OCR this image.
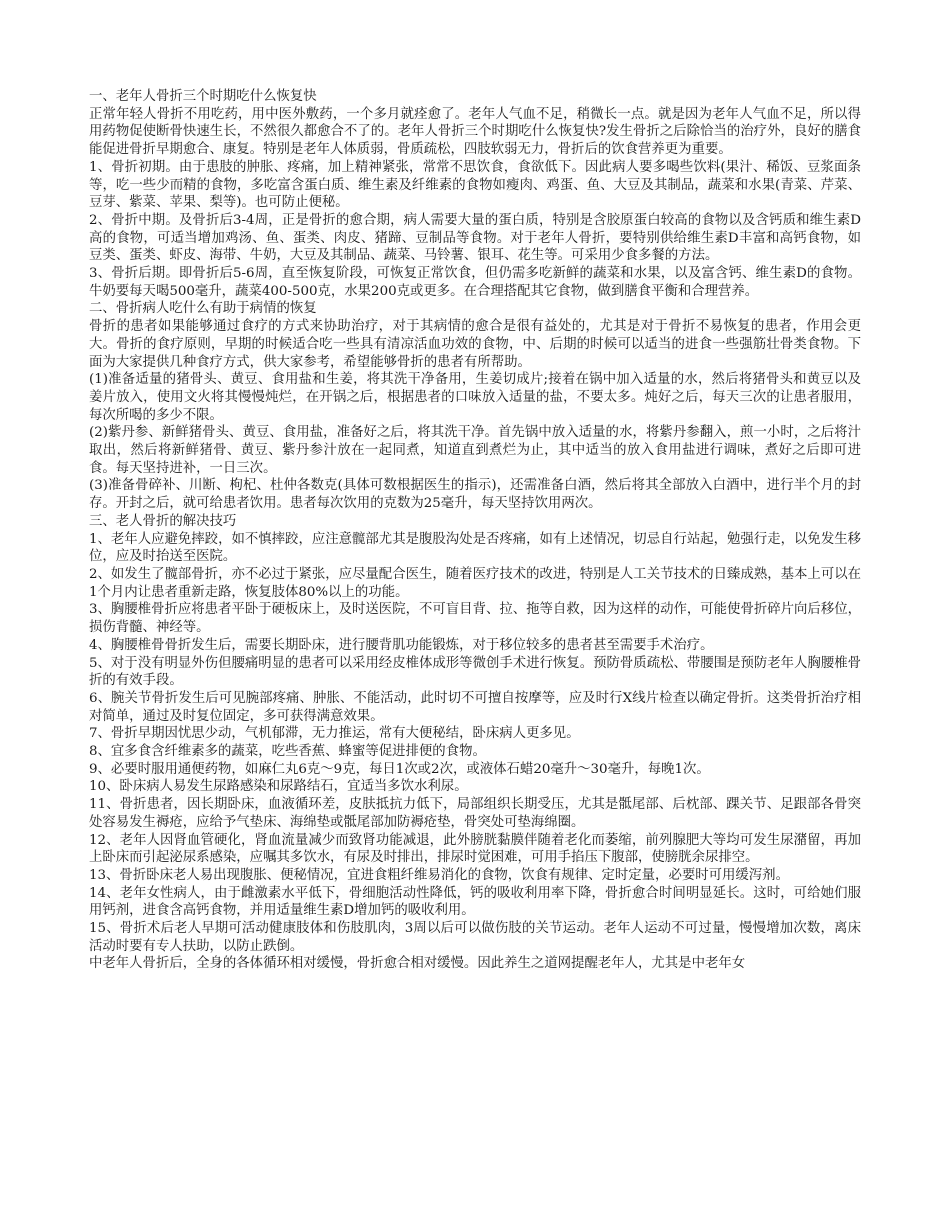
一、老年人骨折三个时期吃什么恢复快

正常年轻人骨折不用吃药，用中医外敷药，一个多月就痊愈了。老年人气血不足，稍微长一点。就是因为老年人气血不足，所以得用药物促使断骨快速生长，不然很久都愈合不了的。老年人骨折三个时期吃什么恢复快?发生骨折之后除恰当的治疗外，良好的膳食能促进骨折早期愈合、康复。特别是老年人体质弱，骨质疏松，四肢软弱无力，骨折后的饮食营养更为重要。

1、骨折初期。由于患肢的肿胀、疼痛，加上精神紧张，常常不思饮食，食欲低下。因此病人要多喝些饮料(果汁、稀饭、豆浆面条等，吃一些少而精的食物，多吃富含蛋白质、维生素及纤维素的食物如瘦肉、鸡蛋、鱼、大豆及其制品，蔬菜和水果(青菜、芹菜、豆芽、紫菜、苹果、梨等)。也可防止便秘。

2、骨折中期。及骨折后3-4周，正是骨折的愈合期，病人需要大量的蛋白质，特别是含胶原蛋白较高的食物以及含钙质和维生素D高的食物，可适当增加鸡汤、鱼、蛋类、肉皮、猪蹄、豆制品等食物。对于老年人骨折，要特别供给维生素D丰富和高钙食物，如豆类、蛋类、虾皮、海带、牛奶，大豆及其制品、蔬菜、马铃薯、银耳、花生等。可采用少食多餐的方法。

3、骨折后期。即骨折后5-6周，直至恢复阶段，可恢复正常饮食，但仍需多吃新鲜的蔬菜和水果，以及富含钙、维生素D的食物。牛奶要每天喝500毫升，蔬菜400-500克，水果200克或更多。在合理搭配其它食物，做到膳食平衡和合理营养。

二、骨折病人吃什么有助于病情的恢复

骨折的患者如果能够通过食疗的方式来协助治疗，对于其病情的愈合是很有益处的，尤其是对于骨折不易恢复的患者，作用会更大。骨折的食疗原则，早期的时候适合吃一些具有清凉活血功效的食物，中、后期的时候可以适当的进食一些强筋壮骨类食物。下面为大家提供几种食疗方式，供大家参考，希望能够骨折的患者有所帮助。

(1)准备适量的猪骨头、黄豆、食用盐和生姜，将其洗干净备用，生姜切成片;接着在锅中加入适量的水，然后将猪骨头和黄豆以及姜片放入，使用文火将其慢慢炖烂，在开锅之后，根据患者的口味放入适量的盐，不要太多。炖好之后，每天三次的让患者服用，每次所喝的多少不限。

(2)紫丹参、新鲜猪骨头、黄豆、食用盐，准备好之后，将其洗干净。首先锅中放入适量的水，将紫丹参翻入，煎一小时，之后将汁取出，然后将新鲜猪骨、黄豆、紫丹参汁放在一起同煮，知道直到煮烂为止，其中适当的放入食用盐进行调味，煮好之后即可进食。每天坚持进补，一日三次。

(3)准备骨碎补、川断、枸杞、杜仲各数克(具体可数根据医生的指示)，还需准备白酒，然后将其全部放入白酒中，进行半个月的封存。开封之后，就可给患者饮用。患者每次饮用的克数为25毫升，每天坚持饮用两次。

三、老人骨折的解决技巧

1、老年人应避免摔跤，如不慎摔跤，应注意髋部尤其是腹股沟处是否疼痛，如有上述情况，切忌自行站起，勉强行走，以免发生移位，应及时抬送至医院。

2、如发生了髋部骨折，亦不必过于紧张，应尽量配合医生，随着医疗技术的改进，特别是人工关节技术的日臻成熟，基本上可以在1个月内让患者重新走路，恢复肢体80%以上的功能。

3、胸腰椎骨折应将患者平卧于硬板床上，及时送医院，不可盲目背、拉、拖等自救，因为这样的动作，可能使骨折碎片向后移位，损伤背髓、神经等。

4、胸腰椎骨骨折发生后，需要长期卧床，进行腰背肌功能锻炼，对于移位较多的患者甚至需要手术治疗。

5、对于没有明显外伤但腰痛明显的患者可以采用经皮椎体成形等微创手术进行恢复。预防骨质疏松、带腰围是预防老年人胸腰椎骨折的有效手段。

6、腕关节骨折发生后可见腕部疼痛、肿胀、不能活动，此时切不可擅自按摩等，应及时行X线片检查以确定骨折。这类骨折治疗相对简单，通过及时复位固定，多可获得满意效果。

7、骨折早期因忧思少动，气机郁滞，无力推运，常有大便秘结，卧床病人更多见。

8、宜多食含纤维素多的蔬菜，吃些香蕉、蜂蜜等促进排便的食物。

9、必要时服用通便药物，如麻仁丸6克～9克，每日1次或2次，或液体石蜡20毫升～30毫升，每晚1次。

10、卧床病人易发生尿路感染和尿路结石，宜适当多饮水利尿。

11、骨折患者，因长期卧床，血液循环差，皮肤抵抗力低下，局部组织长期受压，尤其是骶尾部、后枕部、踝关节、足跟部各骨突处容易发生褥疮，应给予气垫床、海绵垫或骶尾部加防褥疮垫，骨突处可垫海绵圈。

12、老年人因肾血管硬化，肾血流量减少而致肾功能减退，此外膀胱黏膜伴随着老化而萎缩，前列腺肥大等均可发生尿潴留，再加上卧床而引起泌尿系感染，应嘱其多饮水，有尿及时排出，排尿时觉困难，可用手掐压下腹部，使膀胱余尿排空。

13、骨折卧床老人易出现腹胀、便秘情况，宜进食粗纤维易消化的食物，饮食有规律、定时定量，必要时可用缓泻剂。

14、老年女性病人，由于雌激素水平低下，骨细胞活动性降低，钙的吸收利用率下降，骨折愈合时间明显延长。这时，可给她们服用钙剂，进食含高钙食物，并用适量维生素D增加钙的吸收利用。

15、骨折术后老人早期可活动健康肢体和伤肢肌肉，3周以后可以做伤肢的关节运动。老年人运动不可过量，慢慢增加次数，离床活动时要有专人扶助，以防止跌倒。

中老年人骨折后，全身的各体循环相对缓慢，骨折愈合相对缓慢。因此养生之道网提醒老年人，尤其是中老年女
